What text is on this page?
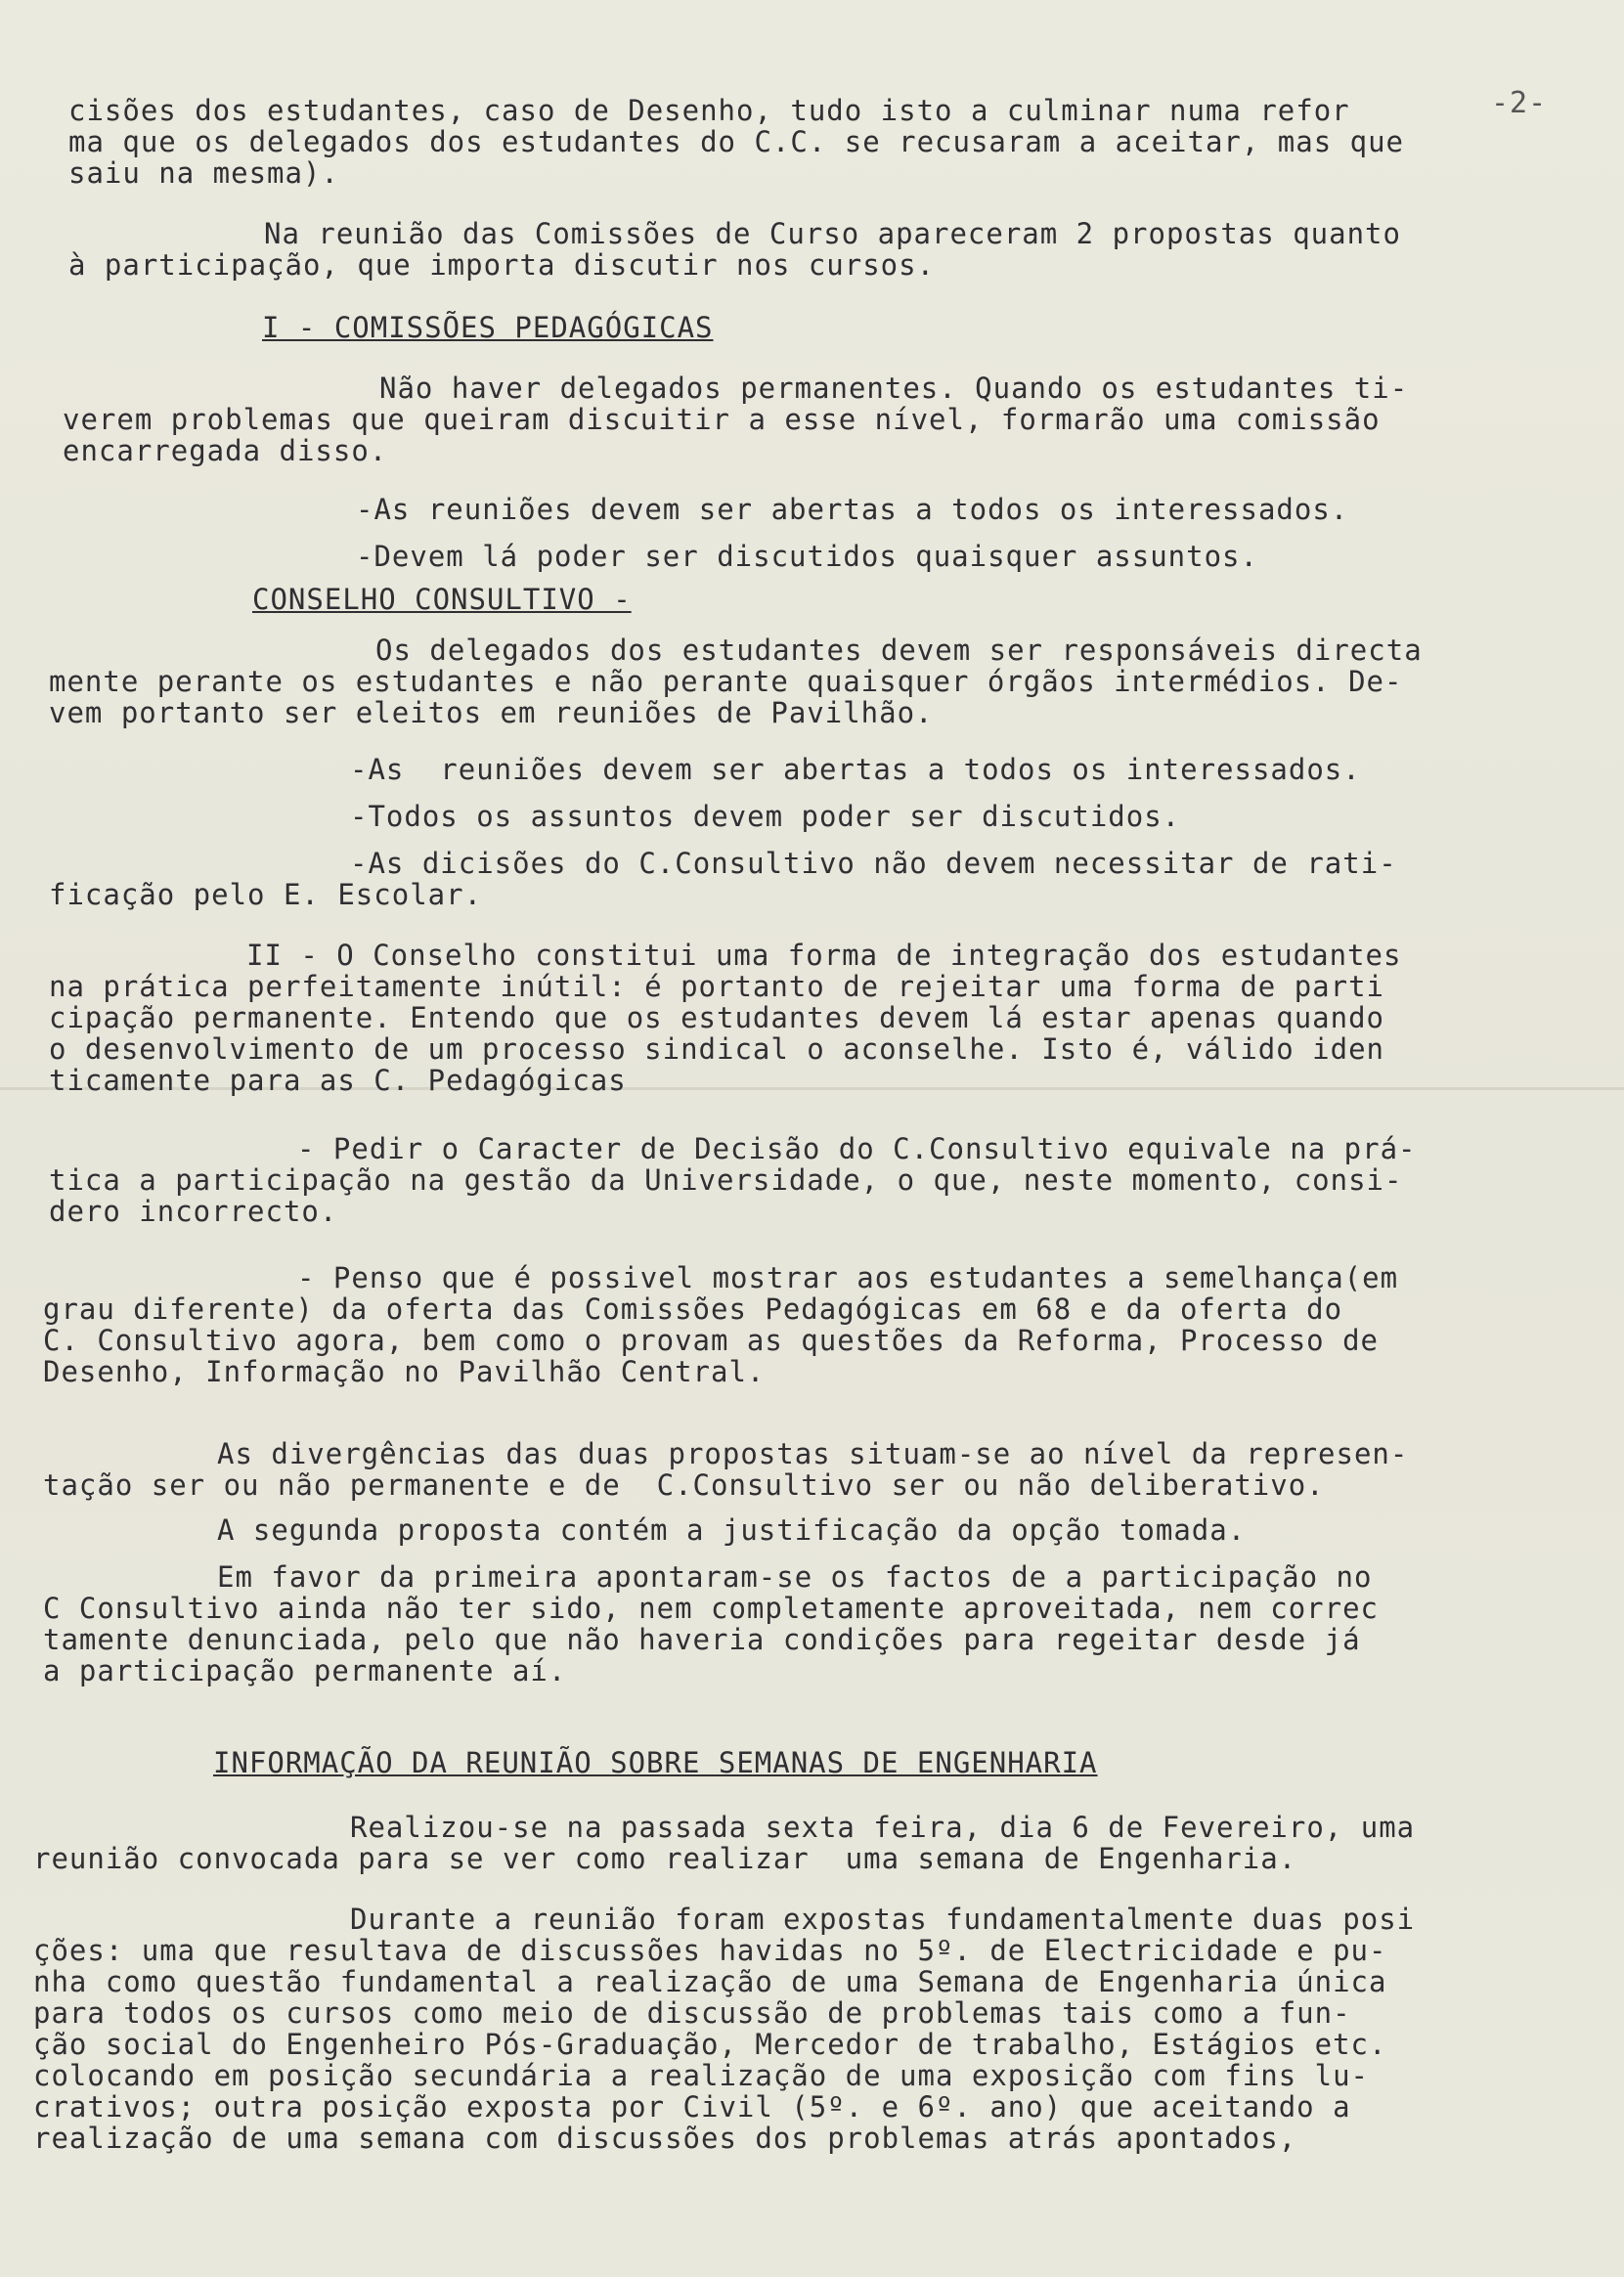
-2-
cisões dos estudantes, caso de Desenho, tudo isto a culminar numa refor
ma que os delegados dos estudantes do C.C. se recusaram a aceitar, mas que
saiu na mesma).
Na reunião das Comissões de Curso apareceram 2 propostas quanto
à participação, que importa discutir nos cursos.
I - COMISSÕES PEDAGÓGICAS
Não haver delegados permanentes. Quando os estudantes ti-
verem problemas que queiram discuitir a esse nível, formarão uma comissão
encarregada disso.
-As reuniões devem ser abertas a todos os interessados.
-Devem lá poder ser discutidos quaisquer assuntos.
CONSELHO CONSULTIVO -
Os delegados dos estudantes devem ser responsáveis directa
mente perante os estudantes e não perante quaisquer órgãos intermédios. De-
vem portanto ser eleitos em reuniões de Pavilhão.
-As  reuniões devem ser abertas a todos os interessados.
-Todos os assuntos devem poder ser discutidos.
-As dicisões do C.Consultivo não devem necessitar de rati-
ficação pelo E. Escolar.
II - O Conselho constitui uma forma de integração dos estudantes
na prática perfeitamente inútil: é portanto de rejeitar uma forma de parti
cipação permanente. Entendo que os estudantes devem lá estar apenas quando
o desenvolvimento de um processo sindical o aconselhe. Isto é, válido iden
ticamente para as C. Pedagógicas
- Pedir o Caracter de Decisão do C.Consultivo equivale na prá-
tica a participação na gestão da Universidade, o que, neste momento, consi-
dero incorrecto.
- Penso que é possivel mostrar aos estudantes a semelhança(em
grau diferente) da oferta das Comissões Pedagógicas em 68 e da oferta do
C. Consultivo agora, bem como o provam as questões da Reforma, Processo de
Desenho, Informação no Pavilhão Central.
As divergências das duas propostas situam-se ao nível da represen-
tação ser ou não permanente e de  C.Consultivo ser ou não deliberativo.
A segunda proposta contém a justificação da opção tomada.
Em favor da primeira apontaram-se os factos de a participação no
C Consultivo ainda não ter sido, nem completamente aproveitada, nem correc
tamente denunciada, pelo que não haveria condições para regeitar desde já
a participação permanente aí.
INFORMAÇÃO DA REUNIÃO SOBRE SEMANAS DE ENGENHARIA
Realizou-se na passada sexta feira, dia 6 de Fevereiro, uma
reunião convocada para se ver como realizar  uma semana de Engenharia.
Durante a reunião foram expostas fundamentalmente duas posi
ções: uma que resultava de discussões havidas no 5º. de Electricidade e pu-
nha como questão fundamental a realização de uma Semana de Engenharia única
para todos os cursos como meio de discussão de problemas tais como a fun-
ção social do Engenheiro Pós-Graduação, Mercedor de trabalho, Estágios etc.
colocando em posição secundária a realização de uma exposição com fins lu-
crativos; outra posição exposta por Civil (5º. e 6º. ano) que aceitando a
realização de uma semana com discussões dos problemas atrás apontados,
